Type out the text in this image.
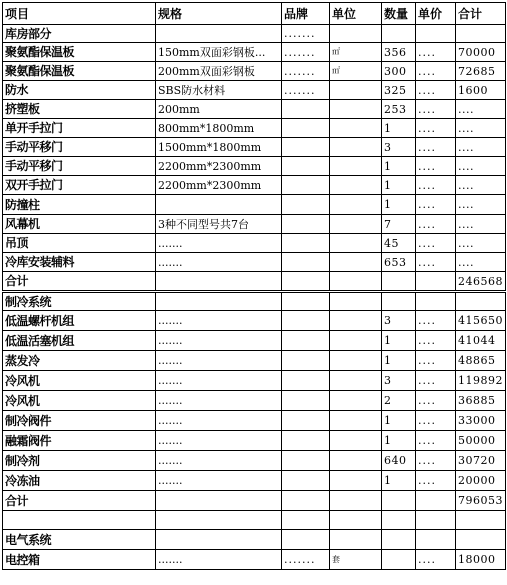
项目	规格	品牌	单位	数量	单价	合计
库房部分		.......				
聚氨酯保温板	150mm双面彩钢板...	.......	㎡	356	....	70000
聚氨酯保温板	200mm双面彩钢板	.......	㎡	300	....	72685
防水	SBS防水材料	.......		325	....	1600
挤塑板	200mm			253	....	....
单开手拉门	800mm*1800mm			1	....	....
手动平移门	1500mm*1800mm			3	....	....
手动平移门	2200mm*2300mm			1	....	....
双开手拉门	2200mm*2300mm			1	....	....
防撞柱				1	....	....
风幕机	3种不同型号共7台			7	....	....
吊顶	.......			45	....	....
冷库安装辅料	.......			653	....	....
合计						246568
制冷系统						
低温螺杆机组	.......			3	....	415650
低温活塞机组	.......			1	....	41044
蒸发冷	.......			1	....	48865
冷风机	.......			3	....	119892
冷风机	.......			2	....	36885
制冷阀件	.......			1	....	33000
融霜阀件	.......			1	....	50000
制冷剂	.......			640	....	30720
冷冻油	.......			1	....	20000
合计						796053

电气系统						
电控箱	.......	.......	套		....	18000
